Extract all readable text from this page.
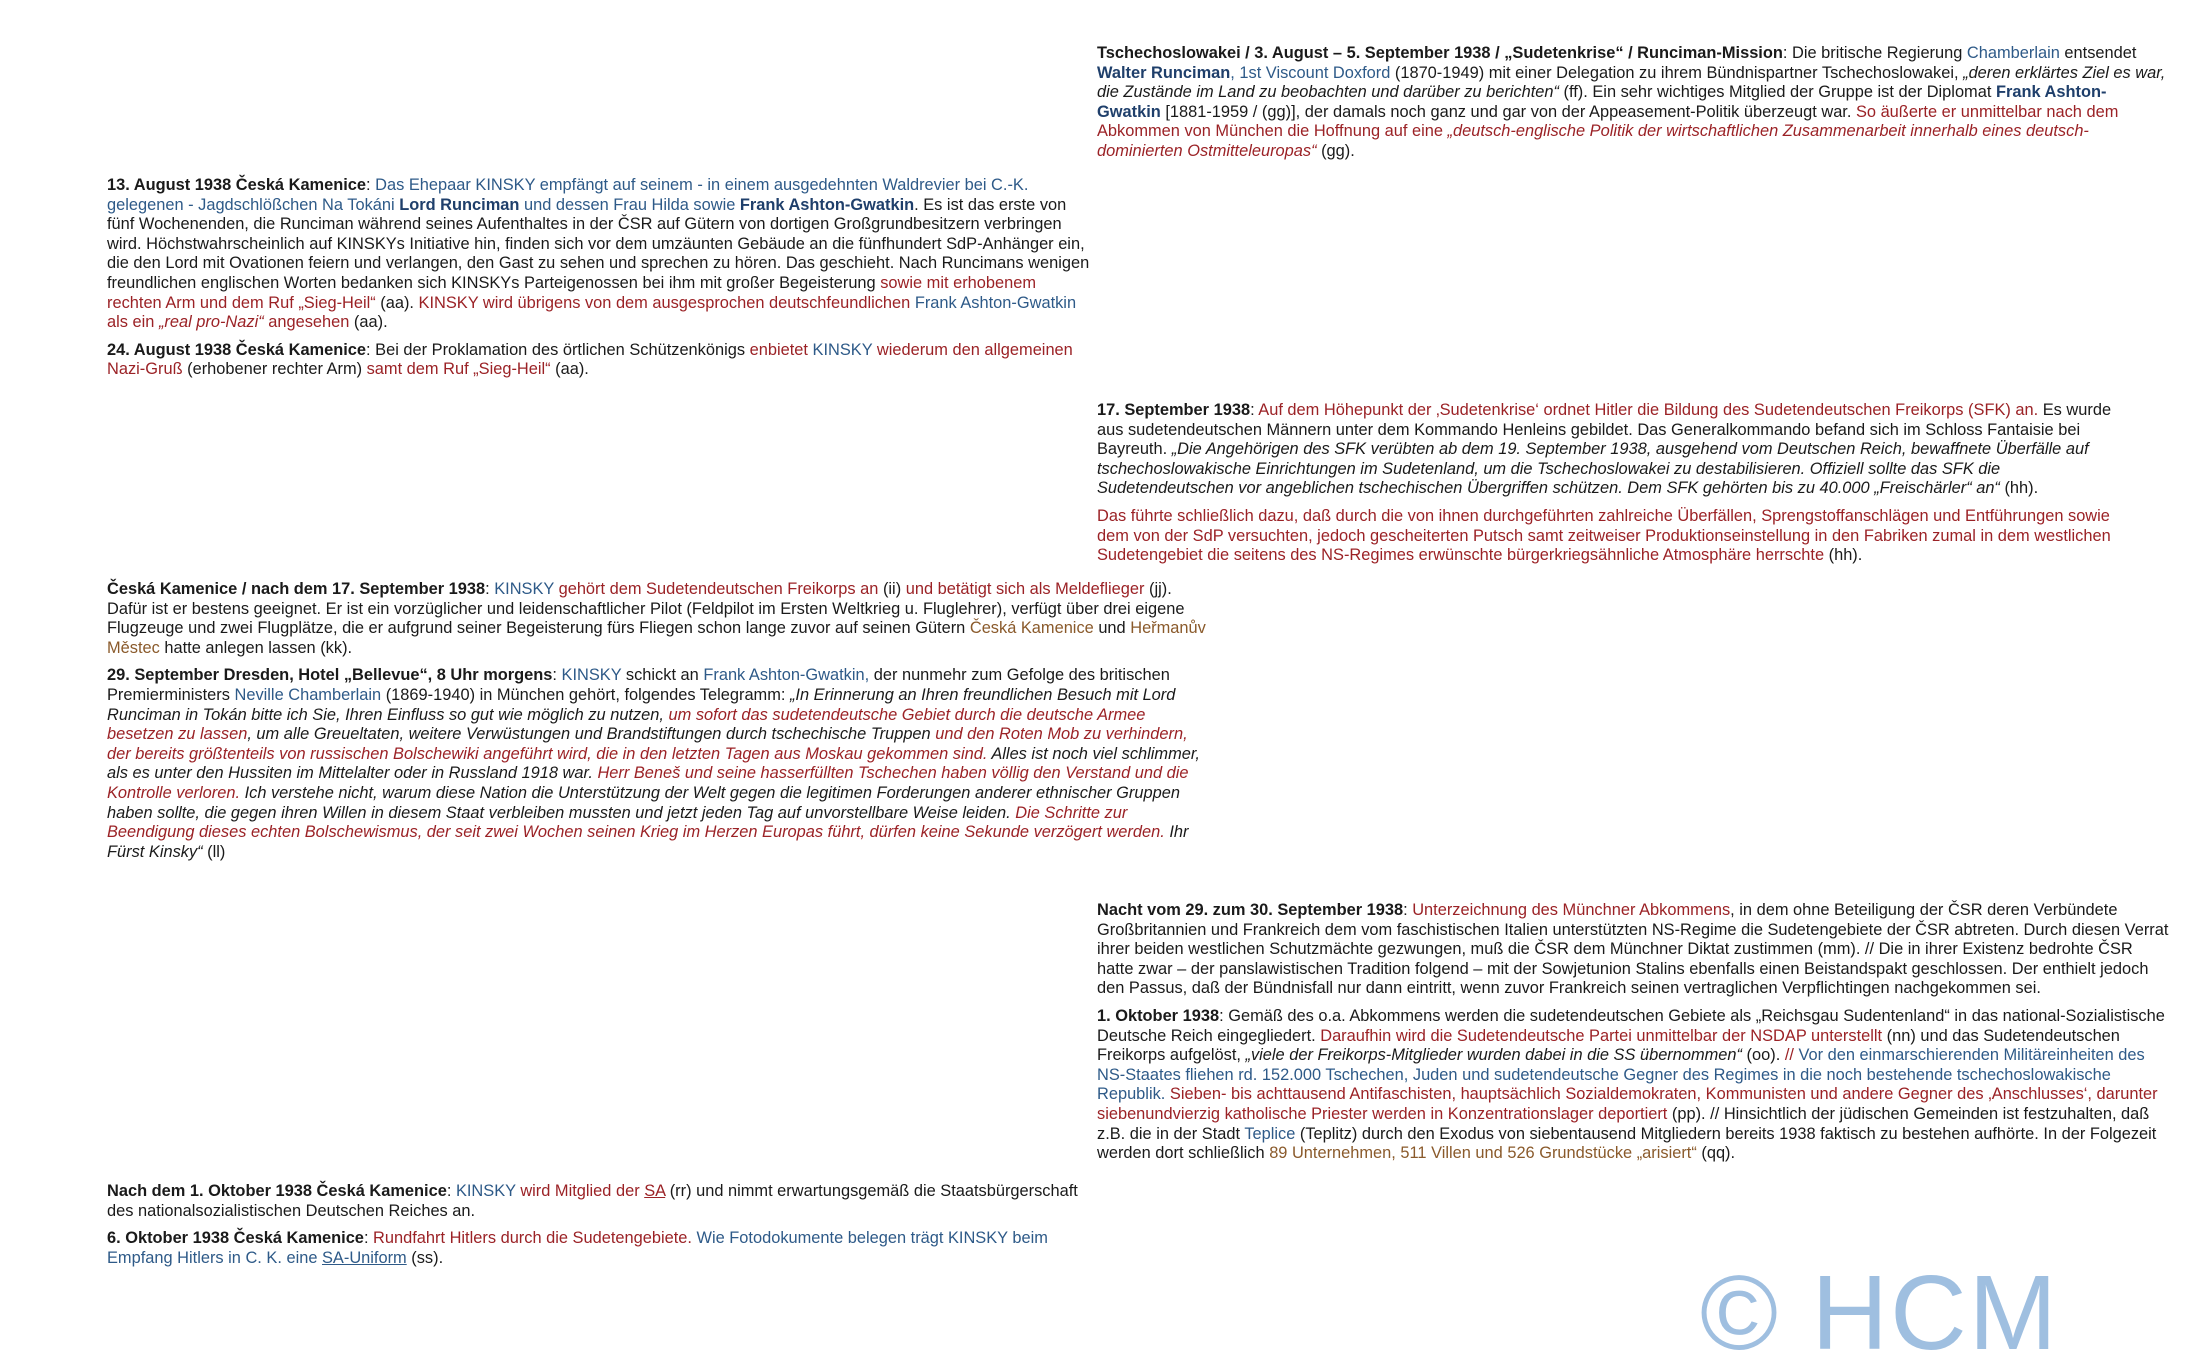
Tschechoslowakei / 3. August – 5. September 1938 / „Sudetenkrise“ / Runciman-Mission: Die britische Regierung Chamberlain entsendet Walter Runciman, 1st Viscount Doxford (1870-1949) mit einer Delegation zu ihrem Bündnispartner Tschechoslowakei, „deren erklärtes Ziel es war, die Zustände im Land zu beobachten und darüber zu berichten“ (ff). Ein sehr wichtiges Mitglied der Gruppe ist der Diplomat Frank Ashton-Gwatkin [1881-1959 / (gg)], der damals noch ganz und gar von der Appeasement-Politik überzeugt war. So äußerte er unmittelbar nach dem Abkommen von München die Hoffnung auf eine „deutsch-englische Politik der wirtschaftlichen Zusammenarbeit innerhalb eines deutsch-dominierten Ostmitteleuropas“ (gg).

13. August 1938 Česká Kamenice: Das Ehepaar KINSKY empfängt auf seinem - in einem ausgedehnten Waldrevier bei C.-K. gelegenen - Jagdschlößchen Na Tokáni Lord Runciman und dessen Frau Hilda sowie Frank Ashton-Gwatkin. Es ist das erste von fünf Wochenenden, die Runciman während seines Aufenthaltes in der ČSR auf Gütern von dortigen Großgrundbesitzern verbringen wird. Höchstwahrscheinlich auf KINSKYs Initiative hin, finden sich vor dem umzäunten Gebäude an die fünfhundert SdP-Anhänger ein, die den Lord mit Ovationen feiern und verlangen, den Gast zu sehen und sprechen zu hören. Das geschieht. Nach Runcimans wenigen freundlichen englischen Worten bedanken sich KINSKYs Parteigenossen bei ihm mit großer Begeisterung sowie mit erhobenem rechten Arm und dem Ruf „Sieg-Heil“ (aa). KINSKY wird übrigens von dem ausgesprochen deutschfeundlichen Frank Ashton-Gwatkin als ein „real pro-Nazi“ angesehen (aa).

24. August 1938 Česká Kamenice: Bei der Proklamation des örtlichen Schützenkönigs enbietet KINSKY wiederum den allgemeinen Nazi-Gruß (erhobener rechter Arm) samt dem Ruf „Sieg-Heil“ (aa).

17. September 1938: Auf dem Höhepunkt der ‚Sudetenkrise‘ ordnet Hitler die Bildung des Sudetendeutschen Freikorps (SFK) an. Es wurde aus sudetendeutschen Männern unter dem Kommando Henleins gebildet. Das Generalkommando befand sich im Schloss Fantaisie bei Bayreuth. „Die Angehörigen des SFK verübten ab dem 19. September 1938, ausgehend vom Deutschen Reich, bewaffnete Überfälle auf tschechoslowakische Einrichtungen im Sudetenland, um die Tschechoslowakei zu destabilisieren. Offiziell sollte das SFK die Sudetendeutschen vor angeblichen tschechischen Übergriffen schützen. Dem SFK gehörten bis zu 40.000 „Freischärler“ an“ (hh).

Das führte schließlich dazu, daß durch die von ihnen durchgeführten zahlreiche Überfällen, Sprengstoffanschlägen und Entführungen sowie dem von der SdP versuchten, jedoch gescheiterten Putsch samt zeitweiser Produktionseinstellung in den Fabriken zumal in dem westlichen Sudetengebiet die seitens des NS-Regimes erwünschte bürgerkriegsähnliche Atmosphäre herrschte (hh).

Česká Kamenice / nach dem 17. September 1938: KINSKY gehört dem Sudetendeutschen Freikorps an (ii) und betätigt sich als Meldeflieger (jj). Dafür ist er bestens geeignet. Er ist ein vorzüglicher und leidenschaftlicher Pilot (Feldpilot im Ersten Weltkrieg u. Fluglehrer), verfügt über drei eigene Flugzeuge und zwei Flugplätze, die er aufgrund seiner Begeisterung fürs Fliegen schon lange zuvor auf seinen Gütern Česká Kamenice und Heřmanův Městec hatte anlegen lassen (kk).

29. September Dresden, Hotel „Bellevue“, 8 Uhr morgens: KINSKY schickt an Frank Ashton-Gwatkin, der nunmehr zum Gefolge des britischen Premierministers Neville Chamberlain (1869-1940) in München gehört, folgendes Telegramm: „In Erinnerung an Ihren freundlichen Besuch mit Lord Runciman in Tokán bitte ich Sie, Ihren Einfluss so gut wie möglich zu nutzen, um sofort das sudetendeutsche Gebiet durch die deutsche Armee besetzen zu lassen, um alle Greueltaten, weitere Verwüstungen und Brandstiftungen durch tschechische Truppen und den Roten Mob zu verhindern, der bereits größtenteils von russischen Bolschewiki angeführt wird, die in den letzten Tagen aus Moskau gekommen sind. Alles ist noch viel schlimmer, als es unter den Hussiten im Mittelalter oder in Russland 1918 war. Herr Beneš und seine hasserfüllten Tschechen haben völlig den Verstand und die Kontrolle verloren. Ich verstehe nicht, warum diese Nation die Unterstützung der Welt gegen die legitimen Forderungen anderer ethnischer Gruppen haben sollte, die gegen ihren Willen in diesem Staat verbleiben mussten und jetzt jeden Tag auf unvorstellbare Weise leiden. Die Schritte zur Beendigung dieses echten Bolschewismus, der seit zwei Wochen seinen Krieg im Herzen Europas führt, dürfen keine Sekunde verzögert werden. Ihr Fürst Kinsky“ (ll)

Nacht vom 29. zum 30. September 1938: Unterzeichnung des Münchner Abkommens, in dem ohne Beteiligung der ČSR deren Verbündete Großbritannien und Frankreich dem vom faschistischen Italien unterstützten NS-Regime die Sudetengebiete der ČSR abtreten. Durch diesen Verrat ihrer beiden westlichen Schutzmächte gezwungen, muß die ČSR dem Münchner Diktat zustimmen (mm). // Die in ihrer Existenz bedrohte ČSR hatte zwar – der panslawistischen Tradition folgend – mit der Sowjetunion Stalins ebenfalls einen Beistandspakt geschlossen. Der enthielt jedoch den Passus, daß der Bündnisfall nur dann eintritt, wenn zuvor Frankreich seinen vertraglichen Verpflichtingen nachgekommen sei.

1. Oktober 1938: Gemäß des o.a. Abkommens werden die sudetendeutschen Gebiete als „Reichsgau Sudentenland“ in das national-Sozialistische Deutsche Reich eingegliedert. Daraufhin wird die Sudetendeutsche Partei unmittelbar der NSDAP unterstellt (nn) und das Sudetendeutschen Freikorps aufgelöst, „viele der Freikorps-Mitglieder wurden dabei in die SS übernommen“ (oo). // Vor den einmarschierenden Militäreinheiten des NS-Staates fliehen rd. 152.000 Tschechen, Juden und sudetendeutsche Gegner des Regimes in die noch bestehende tschechoslowakische Republik. Sieben- bis achttausend Antifaschisten, hauptsächlich Sozialdemokraten, Kommunisten und andere Gegner des ‚Anschlusses‘, darunter siebenundvierzig katholische Priester werden in Konzentrationslager deportiert (pp). // Hinsichtlich der jüdischen Gemeinden ist festzuhalten, daß z.B. die in der Stadt Teplice (Teplitz) durch den Exodus von siebentausend Mitgliedern bereits 1938 faktisch zu bestehen aufhörte. In der Folgezeit werden dort schließlich 89 Unternehmen, 511 Villen und 526 Grundstücke „arisiert“ (qq).

Nach dem 1. Oktober 1938 Česká Kamenice: KINSKY wird Mitglied der SA (rr) und nimmt erwartungsgemäß die Staatsbürgerschaft des nationalsozialistischen Deutschen Reiches an.

6. Oktober 1938 Česká Kamenice: Rundfahrt Hitlers durch die Sudetengebiete. Wie Fotodokumente belegen trägt KINSKY beim Empfang Hitlers in C. K. eine SA-Uniform (ss).	© HCM
